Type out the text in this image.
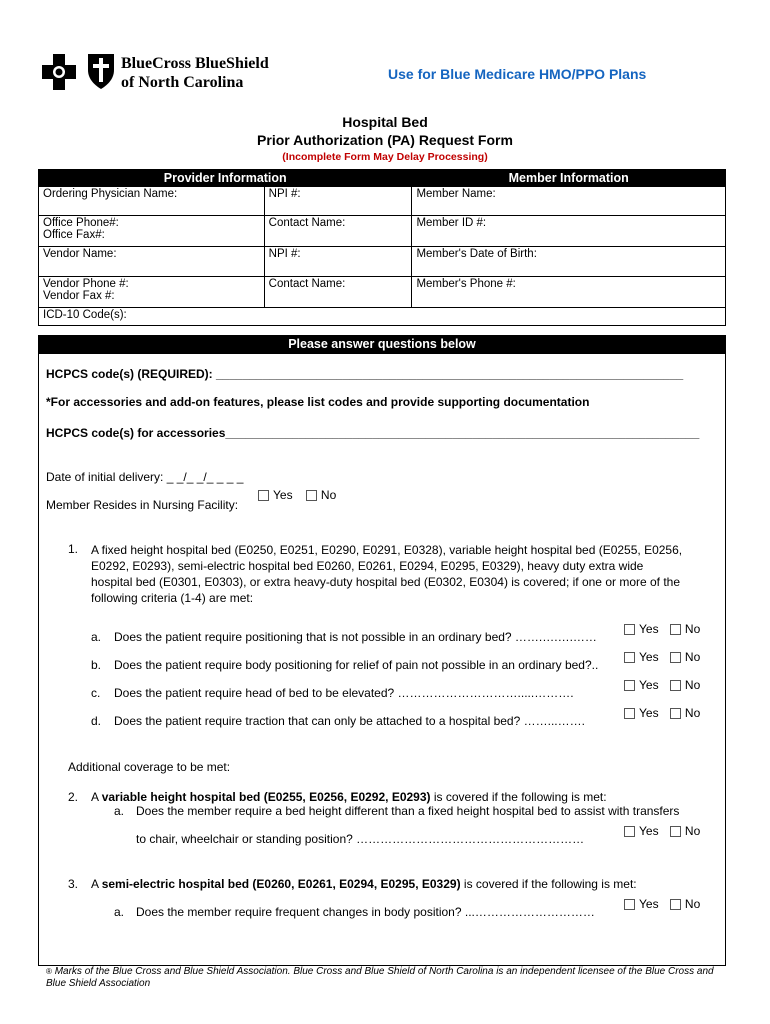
BlueCross BlueShield
of North Carolina	Use for Blue Medicare HMO/PPO Plans
Hospital Bed
Prior Authorization (PA) Request Form
(Incomplete Form May Delay Processing)
Provider Information		Member Information
Ordering Physician Name:	NPI #:	Member Name:

Office Phone#:
Office Fax#:	Contact Name:	Member ID #:
Vendor Name:	NPI #:	Member's Date of Birth:

Vendor Phone #:
Vendor Fax #:	Contact Name:	Member's Phone #:
ICD-10 Code(s):		
Please answer questions below
HCPCS code(s) (REQUIRED): ______________________________________________________________________
*For accessories and add-on features, please list codes and provide supporting documentation
HCPCS code(s) for accessories_______________________________________________________________________
Date of initial delivery: _ _/_ _/_ _ _ _
Member Resides in Nursing Facility:
Yes No
1. A fixed height hospital bed (E0250, E0251, E0290, E0291, E0328), variable height hospital bed (E0255, E0256,
E0292, E0293), semi-electric hospital bed E0260, E0261, E0294, E0295, E0329), heavy duty extra wide
hospital bed (E0301, E0303), or extra heavy-duty hospital bed (E0302, E0304) is covered; if one or more of the
following criteria (1-4) are met:
a. Does the patient require positioning that is not possible in an ordinary bed? …….….….……
Yes No
b. Does the patient require body positioning for relief of pain not possible in an ordinary bed?..
Yes No
c. Does the patient require head of bed to be elevated? ………………………….....……….
Yes No
d. Does the patient require traction that can only be attached to a hospital bed? ……...…….
Yes No
Additional coverage to be met:
2. A variable height hospital bed (E0255, E0256, E0292, E0293) is covered if the following is met:
a. Does the member require a bed height different than a fixed height hospital bed to assist with transfers
to chair, wheelchair or standing position? …………………………………………………
Yes No
3. A semi-electric hospital bed (E0260, E0261, E0294, E0295, E0329) is covered if the following is met:
a. Does the member require frequent changes in body position? ...…………………………
Yes No
® Marks of the Blue Cross and Blue Shield Association. Blue Cross and Blue Shield of North Carolina is an independent licensee of the Blue Cross and
Blue Shield Association
